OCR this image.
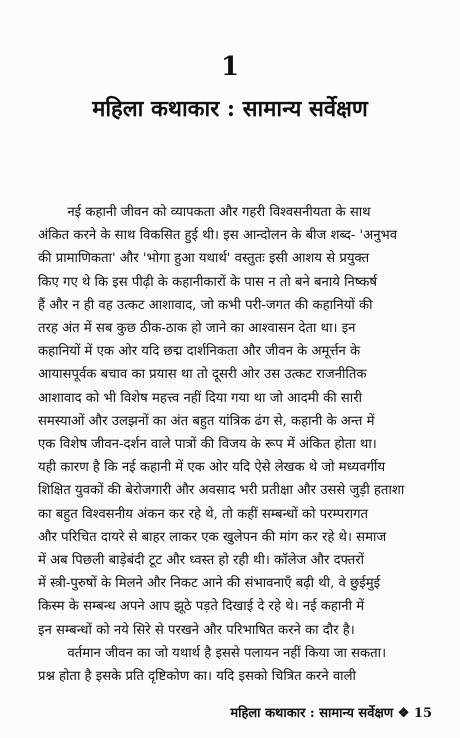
1
महिला कथाकार : सामान्य सर्वेक्षण
नई कहानी जीवन को व्यापकता और गहरी विश्वसनीयता के साथ
अंकित करने के साथ विकसित हुई थी। इस आन्दोलन के बीज शब्द- 'अनुभव
की प्रामाणिकता' और 'भोगा हुआ यथार्थ' वस्तुतः इसी आशय से प्रयुक्त
किए गए थे कि इस पीढ़ी के कहानीकारों के पास न तो बने बनाये निष्कर्ष
हैं और न ही वह उत्कट आशावाद, जो कभी परी-जगत की कहानियों की
तरह अंत में सब कुछ ठीक-ठाक हो जाने का आश्वासन देता था। इन
कहानियों में एक ओर यदि छद्म दार्शनिकता और जीवन के अमूर्त्तन के
आयासपूर्वक बचाव का प्रयास था तो दूसरी ओर उस उत्कट राजनीतिक
आशावाद को भी विशेष महत्त्व नहीं दिया गया था जो आदमी की सारी
समस्याओं और उलझनों का अंत बहुत यांत्रिक ढंग से, कहानी के अन्त में
एक विशेष जीवन-दर्शन वाले पात्रों की विजय के रूप में अंकित होता था।
यही कारण है कि नई कहानी में एक ओर यदि ऐसे लेखक थे जो मध्यवर्गीय
शिक्षित युवकों की बेरोजगारी और अवसाद भरी प्रतीक्षा और उससे जुड़ी हताशा
का बहुत विश्वसनीय अंकन कर रहे थे, तो कहीं सम्बन्धों को परम्परागत
और परिचित दायरे से बाहर लाकर एक खुलेपन की मांग कर रहे थे। समाज
में अब पिछली बाड़ेबंदी टूट और ध्वस्त हो रही थी। कॉलेज और दफ्तरों
में स्त्री-पुरुषों के मिलने और निकट आने की संभावनाएँ बढ़ी थी, वे छुईमुई
किस्म के सम्बन्ध अपने आप झूठे पड़ते दिखाई दे रहे थे। नई कहानी में
इन सम्बन्धों को नये सिरे से परखने और परिभाषित करने का दौर है।
वर्तमान जीवन का जो यथार्थ है इससे पलायन नहीं किया जा सकता।
प्रश्न होता है इसके प्रति दृष्टिकोण का। यदि इसको चित्रित करने वाली
महिला कथाकार : सामान्य सर्वेक्षण ❖ 15
